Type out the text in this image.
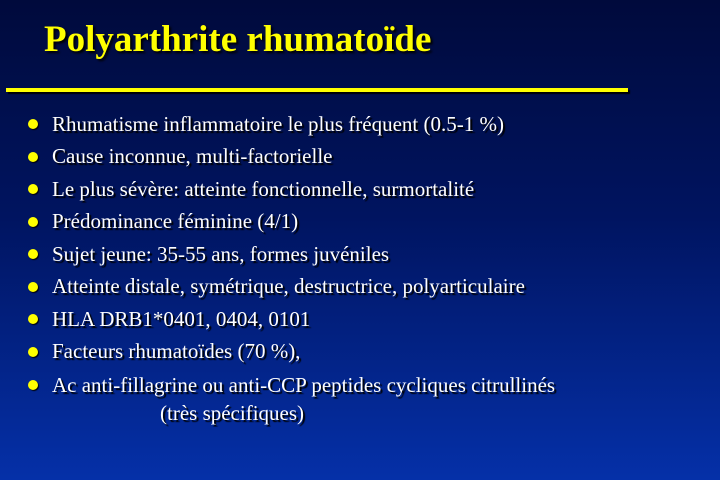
Polyarthrite rhumatoïde
Rhumatisme inflammatoire le plus fréquent (0.5-1 %)
Cause inconnue, multi-factorielle
Le plus sévère: atteinte fonctionnelle, surmortalité
Prédominance féminine (4/1)
Sujet jeune: 35-55 ans, formes juvéniles
Atteinte distale, symétrique, destructrice, polyarticulaire
HLA DRB1*0401, 0404, 0101
Facteurs rhumatoïdes (70 %),
Ac anti-fillagrine ou anti-CCP peptides cycliques citrullinés
(très spécifiques)
